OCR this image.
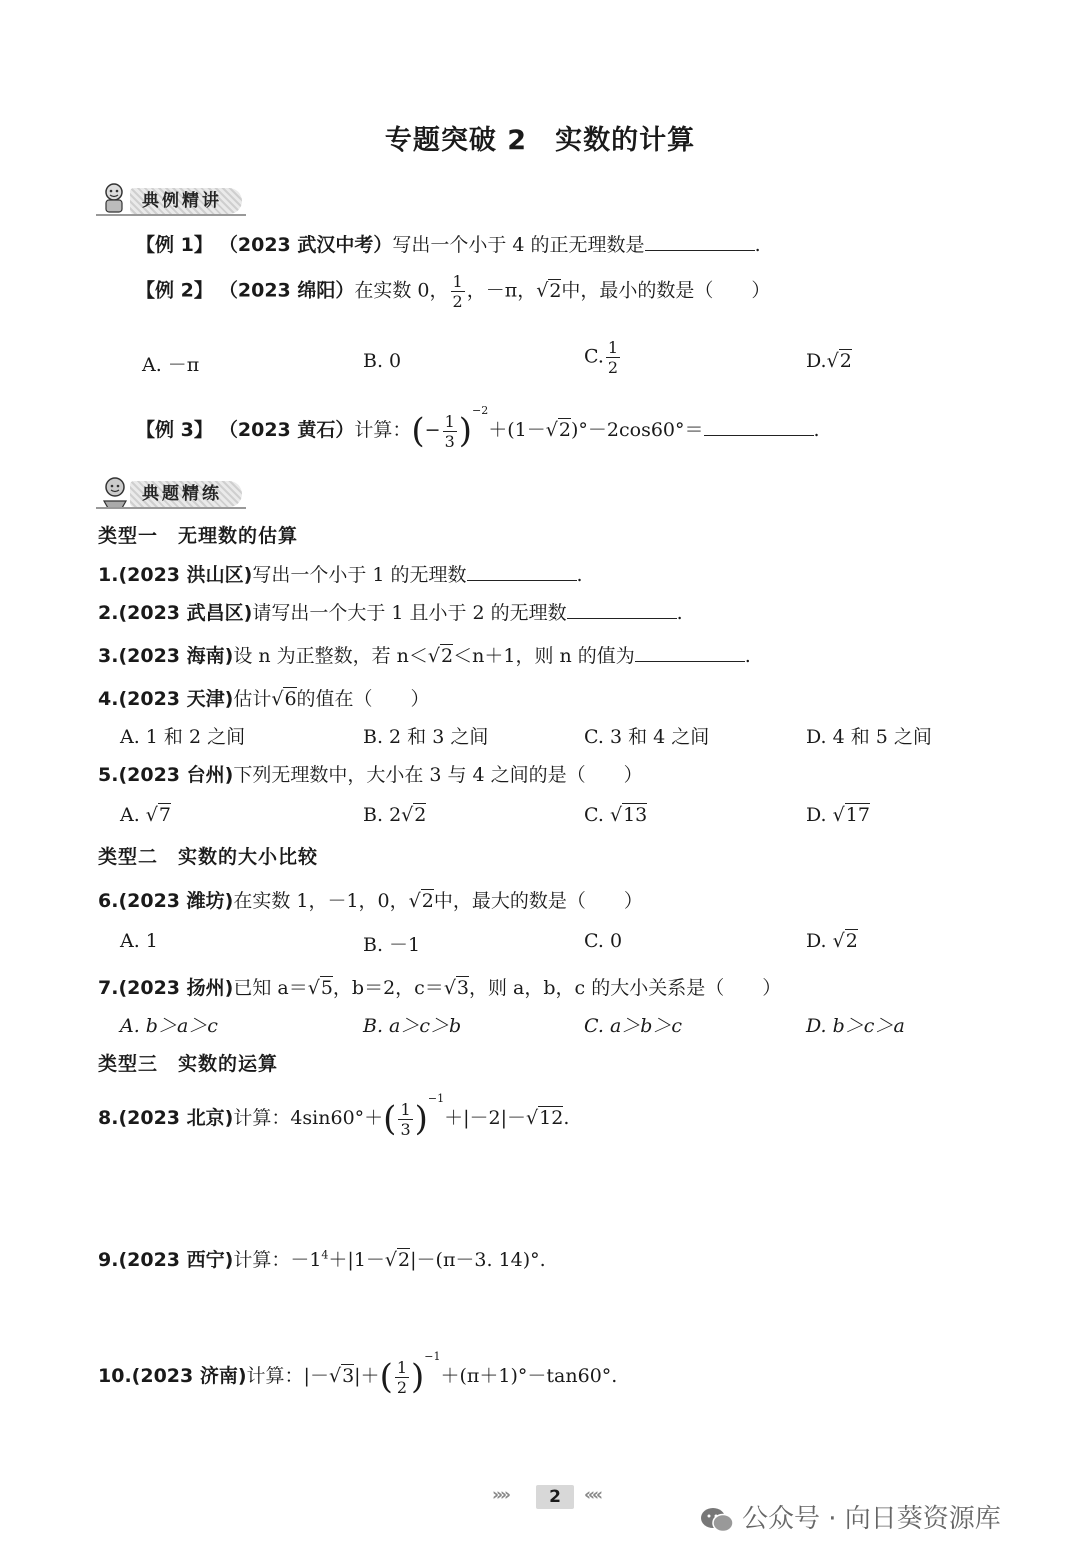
专题突破 2　实数的计算
典例精讲
【例 1】 （2023 武汉中考）写出一个小于 4 的正无理数是	.
【例 2】 （2023 绵阳）在实数 0， $\frac{1}{2}$ ，－π，√2中，最小的数是（　　）
A. －π	B. 0	C. $\frac{1}{2}$	D.√2
【例 3】 （2023 黄石）计算：(− $\frac{1}{3} )^{-2}+(1-√2)^\circ-2\cos 60^\circ=$	.
典题精练
类型一　无理数的估算
1.(2023 洪山区)写出一个小于 1 的无理数	.
2.(2023 武昌区)请写出一个大于 1 且小于 2 的无理数	.
3.(2023 海南)设 n 为正整数，若 n＜√2＜n＋1，则 n 的值为	.
4.(2023 天津)估计√6的值在（　　）
A. 1 和 2 之间	B. 2 和 3 之间	C. 3 和 4 之间	D. 4 和 5 之间
5.(2023 台州)下列无理数中，大小在 3 与 4 之间的是（　　）
A. √7	B. 2√2	C. √13	D. √17
类型二　实数的大小比较
6.(2023 潍坊)在实数 1，－1，0，√2中，最大的数是（　　）
A. 1	B. －1	C. 0	D. √2
7.(2023 扬州)已知 a＝√5，b＝2，c＝√3，则 a，b，c 的大小关系是（　　）
A. b＞a＞c	B. a＞c＞b	C. a＞b＞c	D. b＞c＞a
类型三　实数的运算
8.(2023 北京)计算：$4\sin 60^\circ+( \frac{1}{3} )^{-1}+|-2|-√12$.
9.(2023 西宁)计算：$-1^4+|1-√2|-(\pi-3$. 14)°.
10.(2023 济南)计算：$|-√3|+( \frac{1}{2} )^{-1}+(\pi+1)^\circ-\tan 60^\circ$.
»»	2	««
公众号 · 向日葵资源库
